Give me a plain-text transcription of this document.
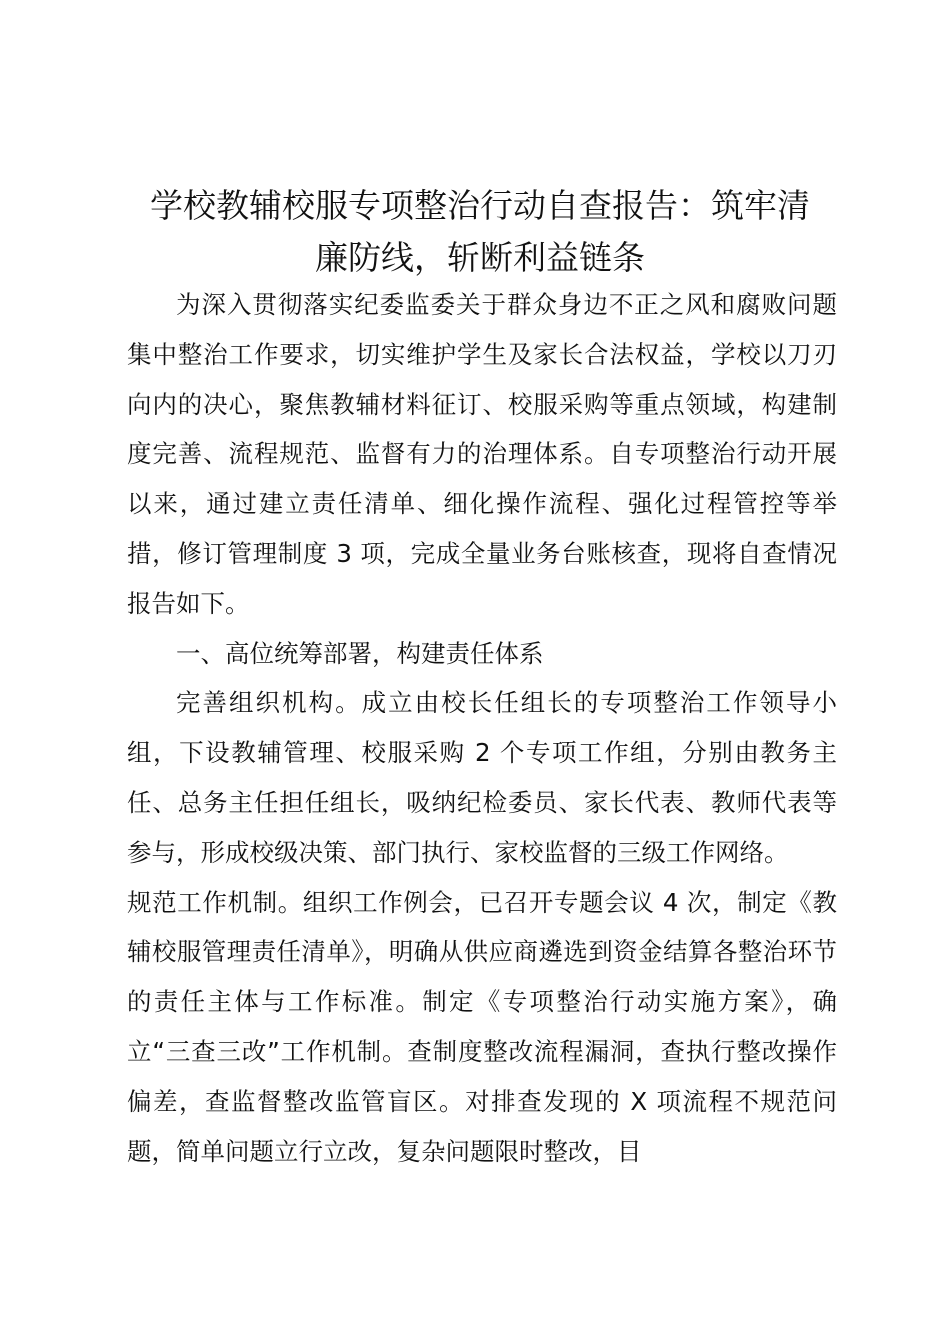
学校教辅校服专项整治行动自查报告：筑牢清
廉防线，斩断利益链条

为深入贯彻落实纪委监委关于群众身边不正之风和腐败问题集中整治工作要求，切实维护学生及家长合法权益，学校以刀刃向内的决心，聚焦教辅材料征订、校服采购等重点领域，构建制度完善、流程规范、监督有力的治理体系。自专项整治行动开展以来，通过建立责任清单、细化操作流程、强化过程管控等举措，修订管理制度 3 项，完成全量业务台账核查，现将自查情况报告如下。

一、高位统筹部署，构建责任体系

完善组织机构。成立由校长任组长的专项整治工作领导小组，下设教辅管理、校服采购 2 个专项工作组，分别由教务主任、总务主任担任组长，吸纳纪检委员、家长代表、教师代表等参与，形成校级决策、部门执行、家校监督的三级工作网络。

规范工作机制。组织工作例会，已召开专题会议 4 次，制定《教辅校服管理责任清单》，明确从供应商遴选到资金结算各整治环节的责任主体与工作标准。制定《专项整治行动实施方案》，确立“三查三改”工作机制。查制度整改流程漏洞，查执行整改操作偏差，查监督整改监管盲区。对排查发现的 X 项流程不规范问题，简单问题立行立改，复杂问题限时整改，目
